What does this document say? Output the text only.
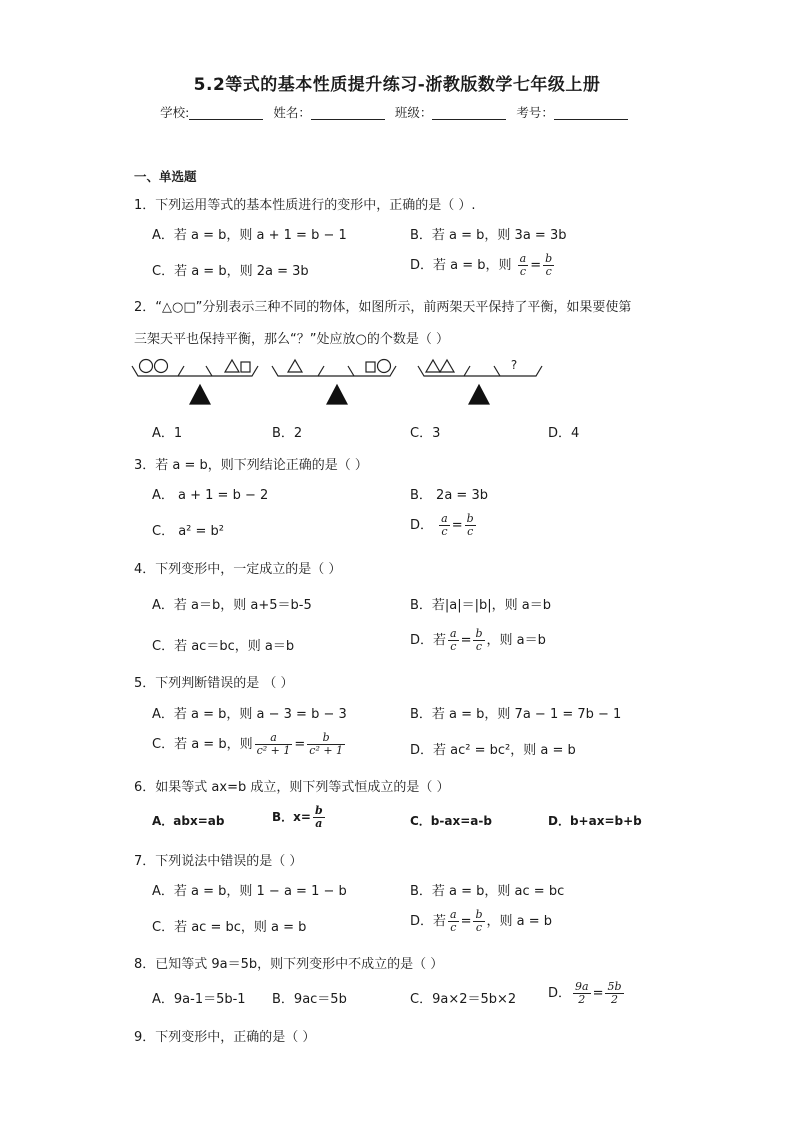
5.2等式的基本性质提升练习-浙教版数学七年级上册
学校:	姓名：	班级：	考号：
一、单选题
1．下列运用等式的基本性质进行的变形中，正确的是（ ）.
A．若 a = b，则 a + 1 = b − 1	B．若 a = b，则 3a = 3b
C．若 a = b，则 2a = 3b	D．若 a = b，则 $\frac{a}{c} = \frac{b}{c}$
2．“△○□”分别表示三种不同的物体，如图所示，前两架天平保持了平衡，如果要使第
三架天平也保持平衡，那么“？”处应放○的个数是（ ）
?
A．1	B．2	C．3	D．4
3．若 a = b，则下列结论正确的是（ ）
A． a + 1 = b − 2	B． 2a = 3b
C． a² = b²	D． $\frac{a}{c} = \frac{b}{c}$
4．下列变形中，一定成立的是（ ）
A．若 a＝b，则 a+5＝b-5	B．若|a|＝|b|，则 a＝b
C．若 ac＝bc，则 a＝b	D．若 $\frac{a}{c} = \frac{b}{c}$ ，则 a＝b
5．下列判断错误的是 （ ）
A．若 a = b，则 a − 3 = b − 3	B．若 a = b，则 7a − 1 = 7b − 1
C．若 a = b，则 $\frac{a}{\text{c² + 1}} = \frac{b}{\text{c² + 1}}$	D．若 ac² = bc²，则 a = b
6．如果等式 ax=b 成立，则下列等式恒成立的是（ ）
A．abx=ab	B．$x= \frac{b}{a}$	C．b-ax=a-b	D．b+ax=b+b
7．下列说法中错误的是（ ）
A．若 a = b，则 1 − a = 1 − b	B．若 a = b，则 ac = bc
C．若 ac = bc，则 a = b	D．若 $\frac{a}{c} = \frac{b}{c}$ ，则 a = b
8．已知等式 9a＝5b，则下列变形中不成立的是（ ）
A．9a-1＝5b-1 B．9ac＝5b	C．9a×2＝5b×2 D． $\frac{9a}{2} = \frac{5b}{2}$
9．下列变形中，正确的是（ ）
